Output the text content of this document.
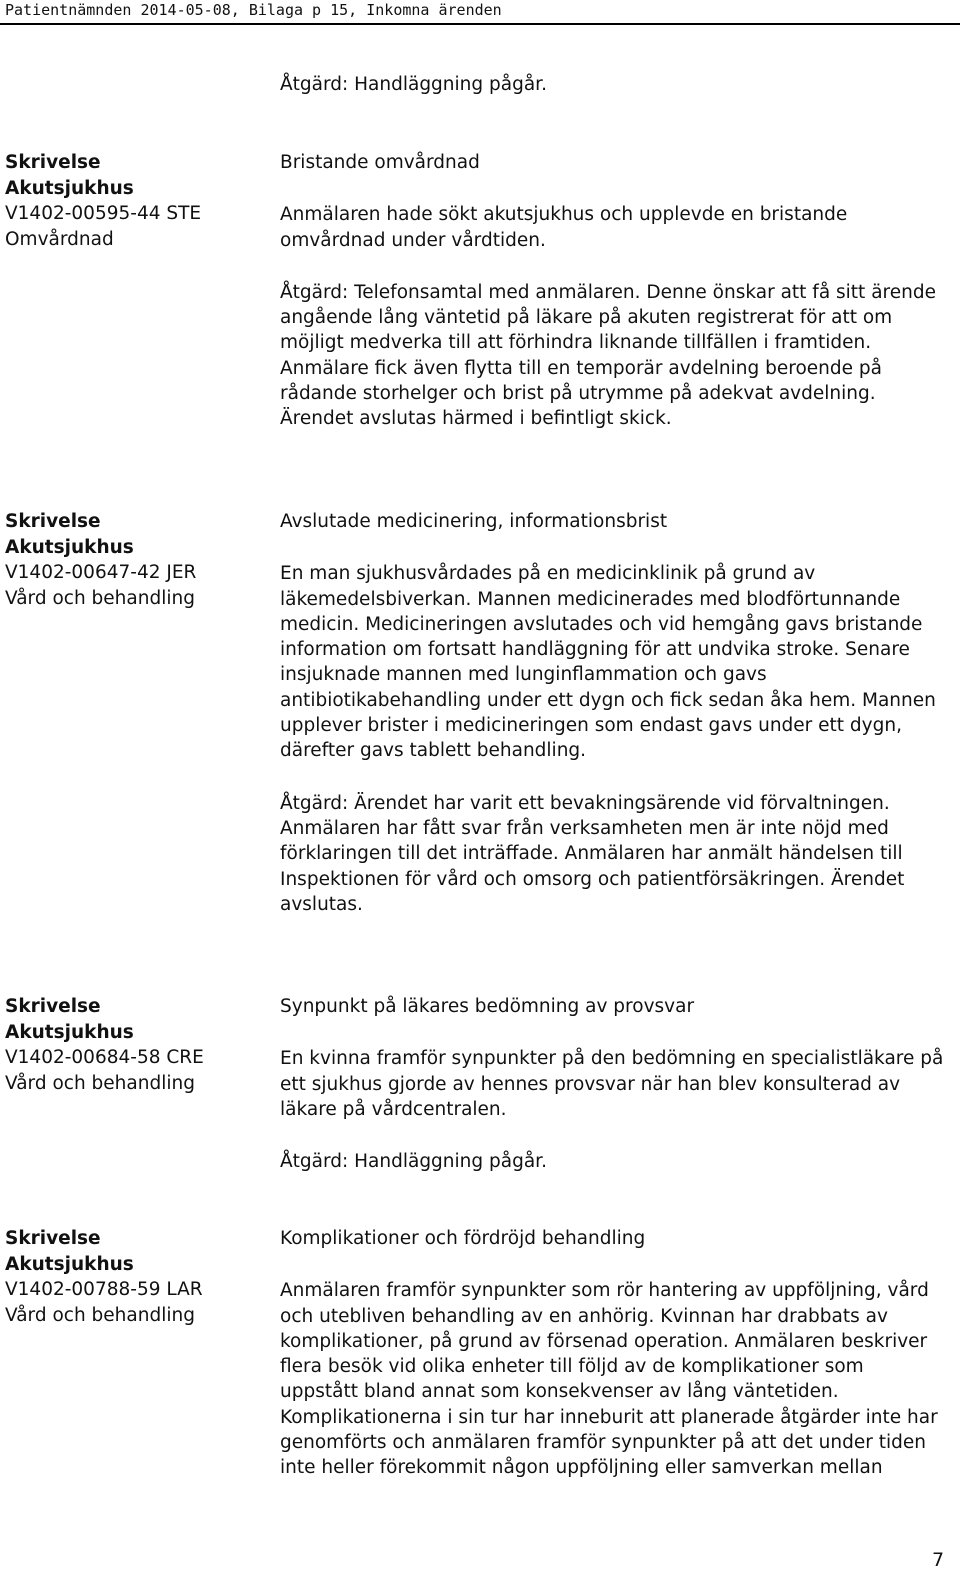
Patientnämnden 2014-05-08, Bilaga p 15, Inkomna ärenden
Åtgärd: Handläggning pågår.
Skrivelse
Akutsjukhus
V1402-00595-44 STE
Omvårdnad

Bristande omvårdnad

Anmälaren hade sökt akutsjukhus och upplevde en bristande omvårdnad under vårdtiden.

Åtgärd: Telefonsamtal med anmälaren. Denne önskar att få sitt ärende angående lång väntetid på läkare på akuten registrerat för att om möjligt medverka till att förhindra liknande tillfällen i framtiden. Anmälare fick även flytta till en temporär avdelning beroende på rådande storhelger och brist på utrymme på adekvat avdelning. Ärendet avslutas härmed i befintligt skick.

Skrivelse
Akutsjukhus
V1402-00647-42 JER
Vård och behandling

Avslutade medicinering, informationsbrist

En man sjukhusvårdades på en medicinklinik på grund av läkemedelsbiverkan. Mannen medicinerades med blodförtunnande medicin. Medicineringen avslutades och vid hemgång gavs bristande information om fortsatt handläggning för att undvika stroke. Senare insjuknade mannen med lunginflammation och gavs antibiotikabehandling under ett dygn och fick sedan åka hem. Mannen upplever brister i medicineringen som endast gavs under ett dygn, därefter gavs tablett behandling.

Åtgärd: Ärendet har varit ett bevakningsärende vid förvaltningen. Anmälaren har fått svar från verksamheten men är inte nöjd med förklaringen till det inträffade. Anmälaren har anmält händelsen till Inspektionen för vård och omsorg och patientförsäkringen. Ärendet avslutas.

Skrivelse
Akutsjukhus
V1402-00684-58 CRE
Vård och behandling

Synpunkt på läkares bedömning av provsvar

En kvinna framför synpunkter på den bedömning en specialistläkare på ett sjukhus gjorde av hennes provsvar när han blev konsulterad av läkare på vårdcentralen.

Åtgärd: Handläggning pågår.

Skrivelse
Akutsjukhus
V1402-00788-59 LAR
Vård och behandling

Komplikationer och fördröjd behandling

Anmälaren framför synpunkter som rör hantering av uppföljning, vård och utebliven behandling av en anhörig. Kvinnan har drabbats av komplikationer, på grund av försenad operation. Anmälaren beskriver flera besök vid olika enheter till följd av de komplikationer som uppstått bland annat som konsekvenser av lång väntetiden. Komplikationerna i sin tur har inneburit att planerade åtgärder inte har genomförts och anmälaren framför synpunkter på att det under tiden inte heller förekommit någon uppföljning eller samverkan mellan

7
